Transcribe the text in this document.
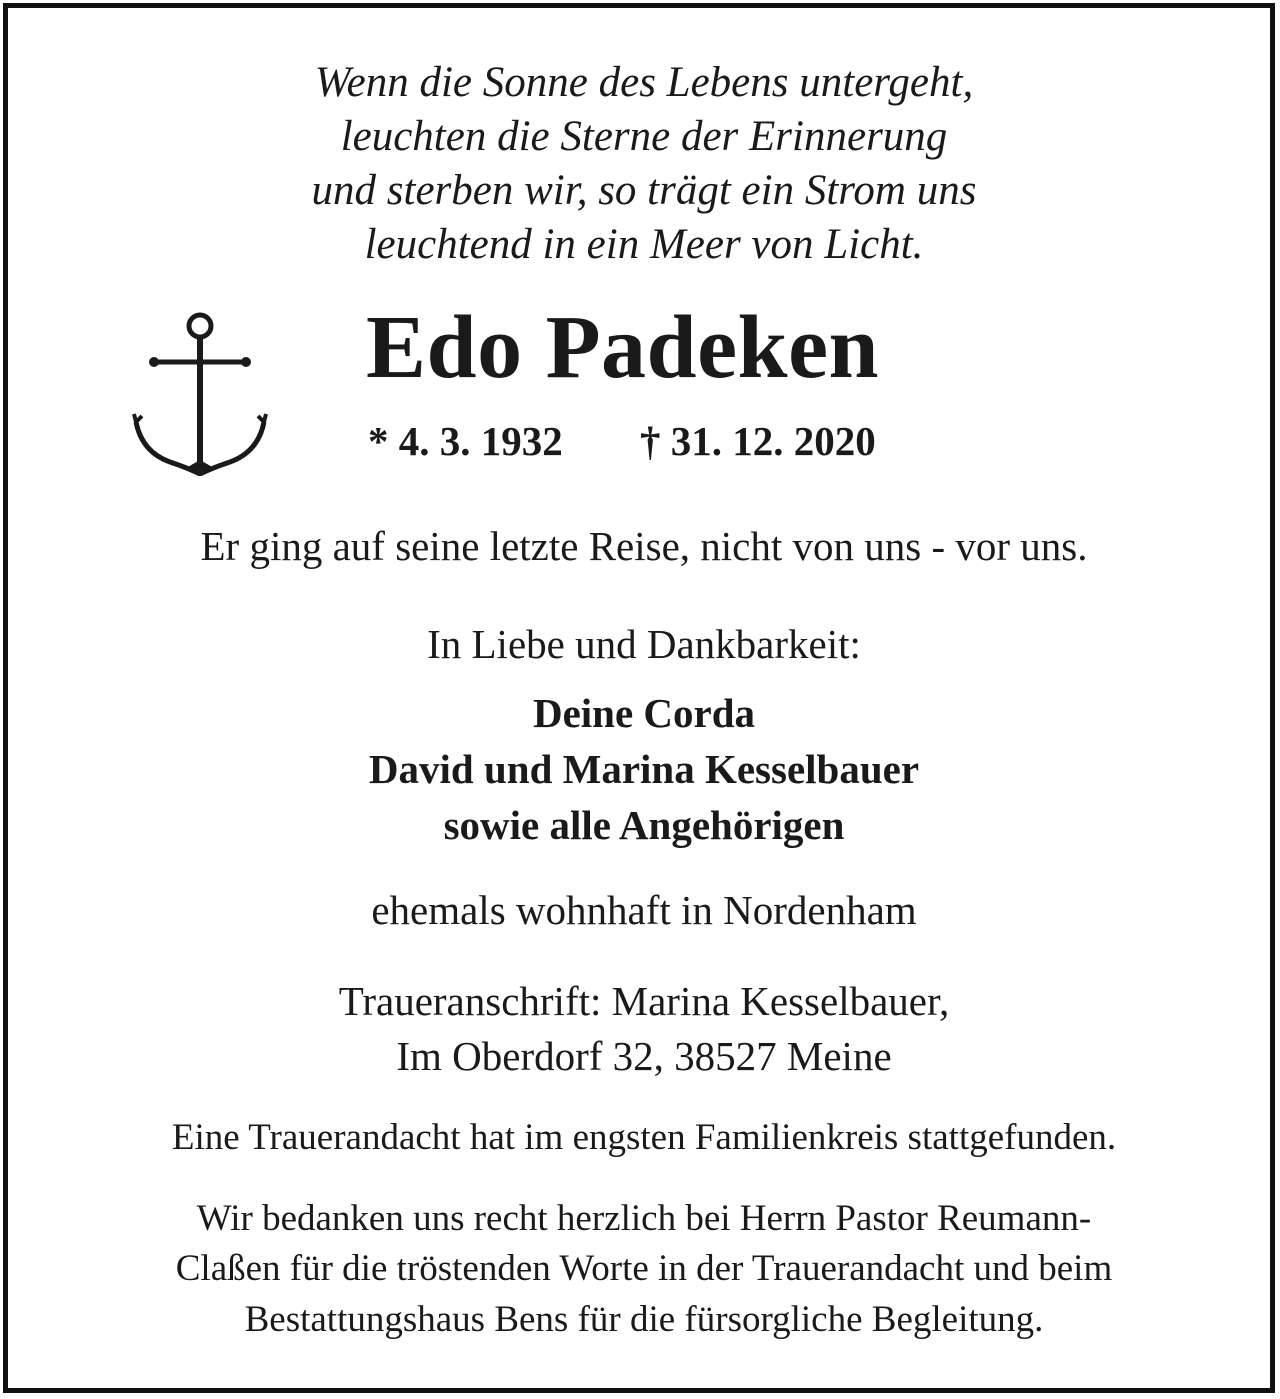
Wenn die Sonne des Lebens untergeht,

leuchten die Sterne der Erinnerung

und sterben wir, so trägt ein Strom uns

leuchtend in ein Meer von Licht.

Edo Padeken
* 4. 3. 1932 † 31. 12. 2020

Er ging auf seine letzte Reise, nicht von uns - vor uns.

In Liebe und Dankbarkeit:

Deine Corda

David und Marina Kesselbauer

sowie alle Angehörigen

ehemals wohnhaft in Nordenham

Traueranschrift: Marina Kesselbauer,

Im Oberdorf 32, 38527 Meine

Eine Trauerandacht hat im engsten Familienkreis stattgefunden.

Wir bedanken uns recht herzlich bei Herrn Pastor Reumann-

Claßen für die tröstenden Worte in der Trauerandacht und beim

Bestattungshaus Bens für die fürsorgliche Begleitung.
